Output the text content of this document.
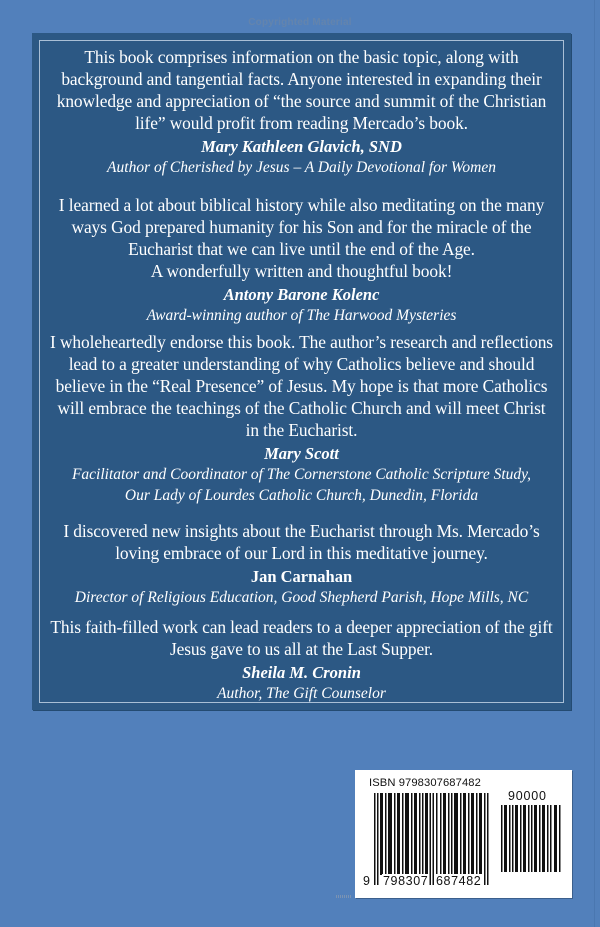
Copyrighted Material

This book comprises information on the basic topic, along with
background and tangential facts. Anyone interested in expanding their
knowledge and appreciation of “the source and summit of the Christian
life” would profit from reading Mercado’s book.

Mary Kathleen Glavich, SND
Author of Cherished by Jesus – A Daily Devotional for Women

I learned a lot about biblical history while also meditating on the many
ways God prepared humanity for his Son and for the miracle of the
Eucharist that we can live until the end of the Age.
A wonderfully written and thoughtful book!

Antony Barone Kolenc
Award-winning author of The Harwood Mysteries

I wholeheartedly endorse this book. The author’s research and reflections
lead to a greater understanding of why Catholics believe and should
believe in the “Real Presence” of Jesus. My hope is that more Catholics
will embrace the teachings of the Catholic Church and will meet Christ
in the Eucharist.

Mary Scott
Facilitator and Coordinator of The Cornerstone Catholic Scripture Study,
Our Lady of Lourdes Catholic Church, Dunedin, Florida

I discovered new insights about the Eucharist through Ms. Mercado’s
loving embrace of our Lord in this meditative journey.

Jan Carnahan
Director of Religious Education, Good Shepherd Parish, Hope Mills, NC

This faith-filled work can lead readers to a deeper appreciation of the gift
Jesus gave to us all at the Last Supper.

Sheila M. Cronin
Author, The Gift Counselor
ISBN 9798307687482
90000
9 798307 687482
